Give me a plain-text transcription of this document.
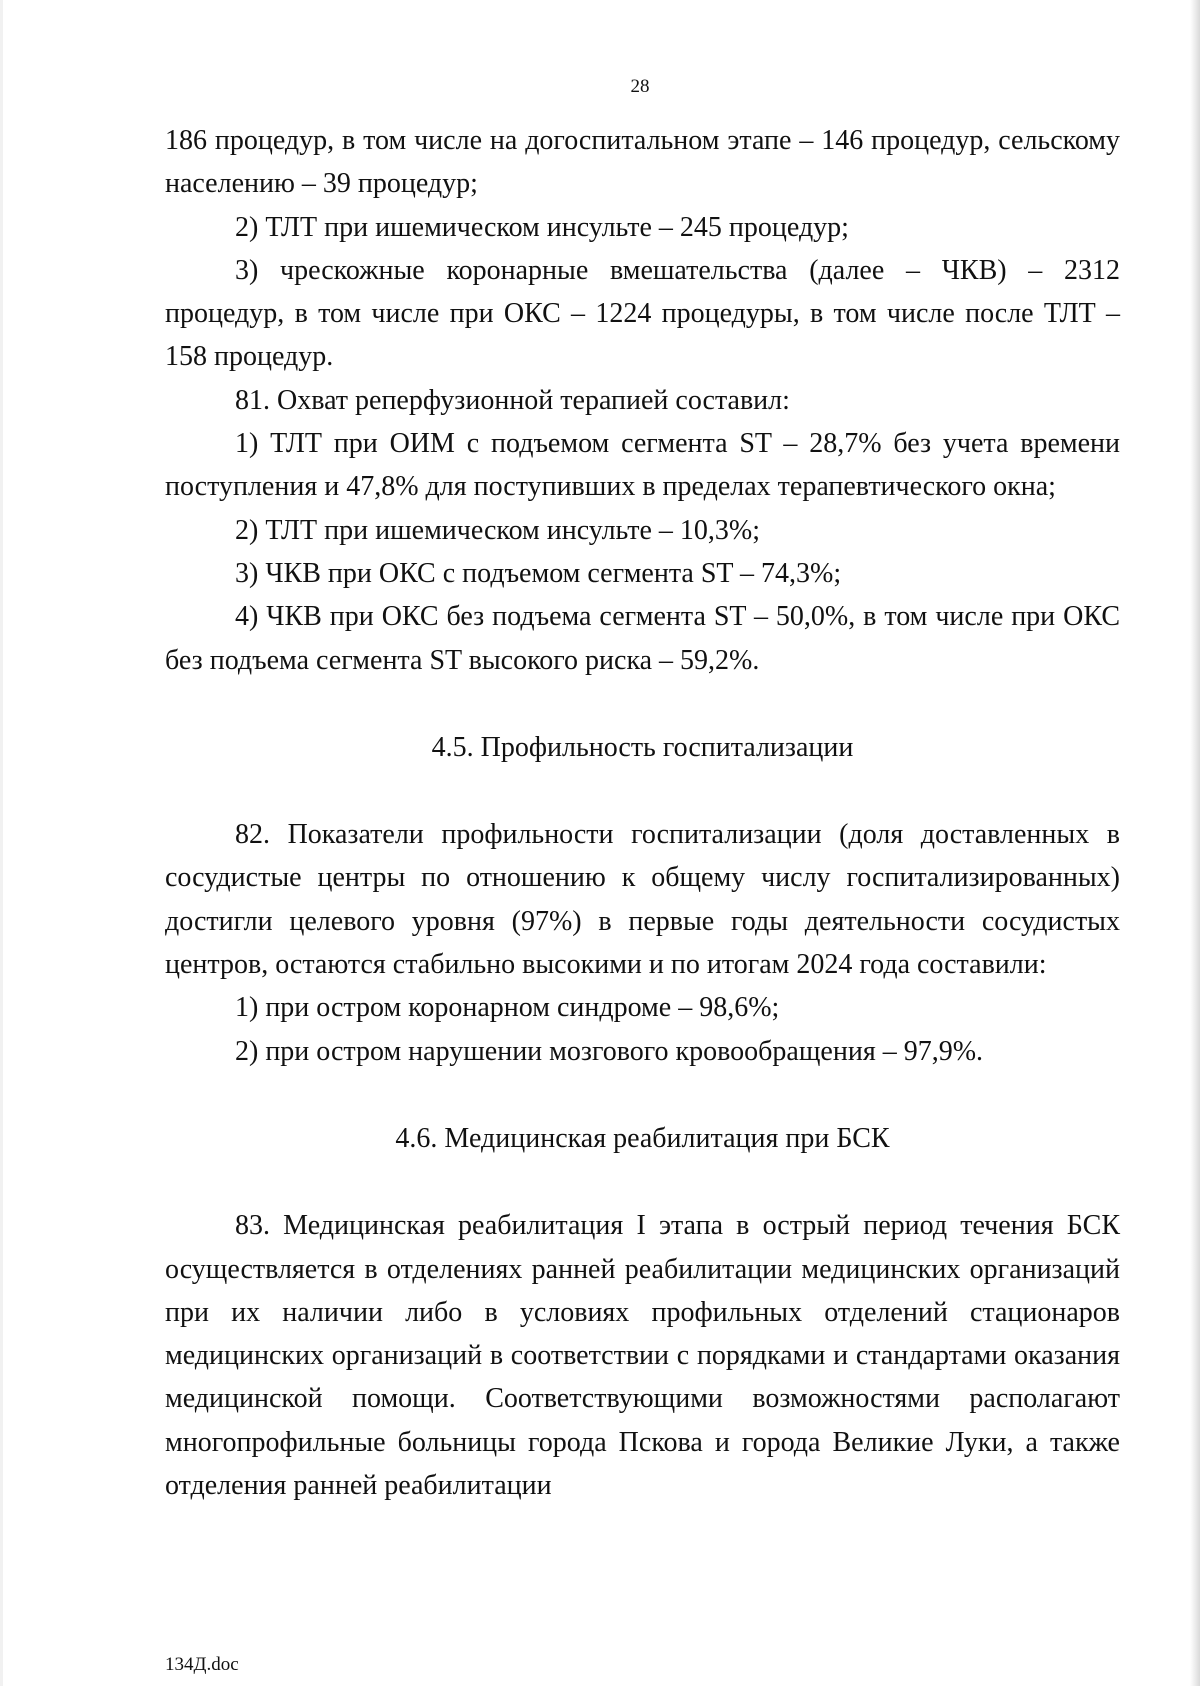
28

186 процедур, в том числе на догоспитальном этапе – 146 процедур, сельскому населению – 39 процедур;

2) ТЛТ при ишемическом инсульте – 245 процедур;

3) чрескожные коронарные вмешательства (далее – ЧКВ) – 2312 процедур, в том числе при ОКС – 1224 процедуры, в том числе после ТЛТ – 158 процедур.

81. Охват реперфузионной терапией составил:

1) ТЛТ при ОИМ с подъемом сегмента ST – 28,7% без учета времени поступления и 47,8% для поступивших в пределах терапевтического окна;

2) ТЛТ при ишемическом инсульте – 10,3%;

3) ЧКВ при ОКС с подъемом сегмента ST – 74,3%;

4) ЧКВ при ОКС без подъема сегмента ST – 50,0%, в том числе при ОКС без подъема сегмента ST высокого риска – 59,2%.

4.5. Профильность госпитализации

82. Показатели профильности госпитализации (доля доставленных в сосудистые центры по отношению к общему числу госпитализированных) достигли целевого уровня (97%) в первые годы деятельности сосудистых центров, остаются стабильно высокими и по итогам 2024 года составили:

1) при остром коронарном синдроме – 98,6%;

2) при остром нарушении мозгового кровообращения – 97,9%.

4.6. Медицинская реабилитация при БСК

83. Медицинская реабилитация I этапа в острый период течения БСК осуществляется в отделениях ранней реабилитации медицинских организаций при их наличии либо в условиях профильных отделений стационаров медицинских организаций в соответствии с порядками и стандартами оказания медицинской помощи. Соответствующими возможностями располагают многопрофильные больницы города Пскова и города Великие Луки, а также отделения ранней реабилитации

134Д.doc
